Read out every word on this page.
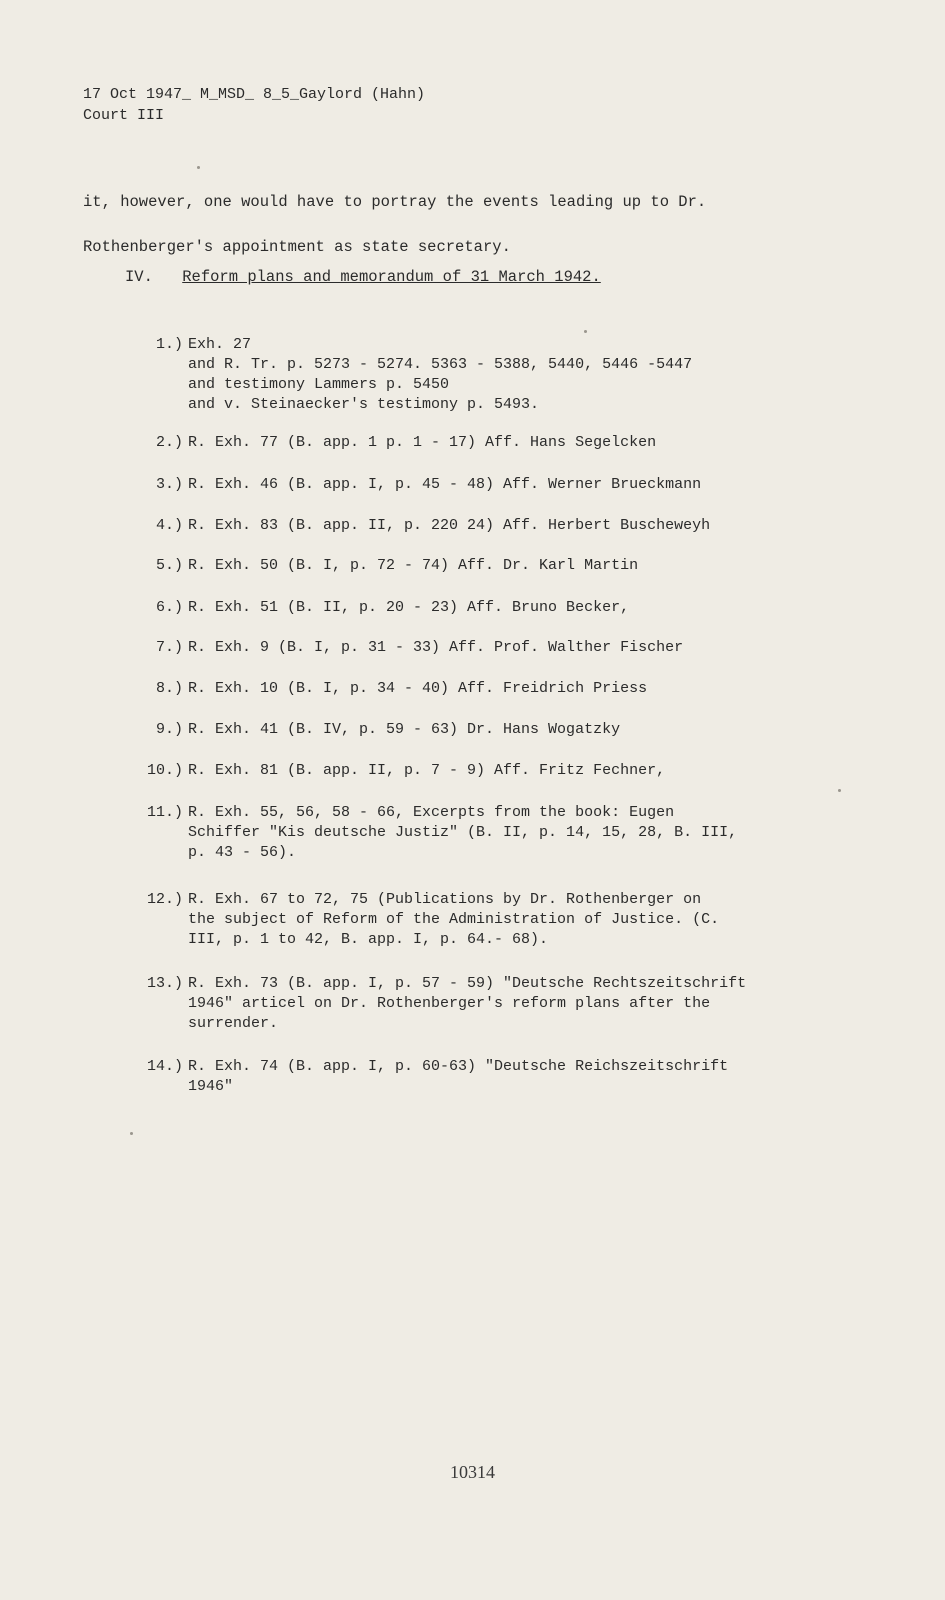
17 Oct 1947_ M_MSD_ 8_5_Gaylord (Hahn)
Court III
it, however, one would have to portray the events leading up to Dr.
Rothenberger's appointment as state secretary.
IV. Reform plans and memorandum of 31 March 1942.
1.) Exh. 27
and R. Tr. p. 5273 - 5274. 5363 - 5388, 5440, 5446 -5447
and testimony Lammers p. 5450
and v. Steinaecker's testimony p. 5493.
2.) R. Exh. 77 (B. app. 1 p. 1 - 17) Aff. Hans Segelcken
3.) R. Exh. 46 (B. app. I, p. 45 - 48) Aff. Werner Brueckmann
4.) R. Exh. 83 (B. app. II, p. 220 24) Aff. Herbert Buscheweyh
5.) R. Exh. 50 (B. I, p. 72 - 74) Aff. Dr. Karl Martin
6.) R. Exh. 51 (B. II, p. 20 - 23) Aff. Bruno Becker,
7.) R. Exh. 9 (B. I, p. 31 - 33) Aff. Prof. Walther Fischer
8.) R. Exh. 10 (B. I, p. 34 - 40) Aff. Freidrich Priess
9.) R. Exh. 41 (B. IV, p. 59 - 63) Dr. Hans Wogatzky
10.) R. Exh. 81 (B. app. II, p. 7 - 9) Aff. Fritz Fechner,
11.) R. Exh. 55, 56, 58 - 66, Excerpts from the book: Eugen
Schiffer "Kis deutsche Justiz" (B. II, p. 14, 15, 28, B. III,
p. 43 - 56).
12.) R. Exh. 67 to 72, 75 (Publications by Dr. Rothenberger on
the subject of Reform of the Administration of Justice. (C.
III, p. 1 to 42, B. app. I, p. 64.- 68).
13.) R. Exh. 73 (B. app. I, p. 57 - 59) "Deutsche Rechtszeitschrift
1946" articel on Dr. Rothenberger's reform plans after the
surrender.
14.) R. Exh. 74 (B. app. I, p. 60-63) "Deutsche Reichszeitschrift
1946"
10314
